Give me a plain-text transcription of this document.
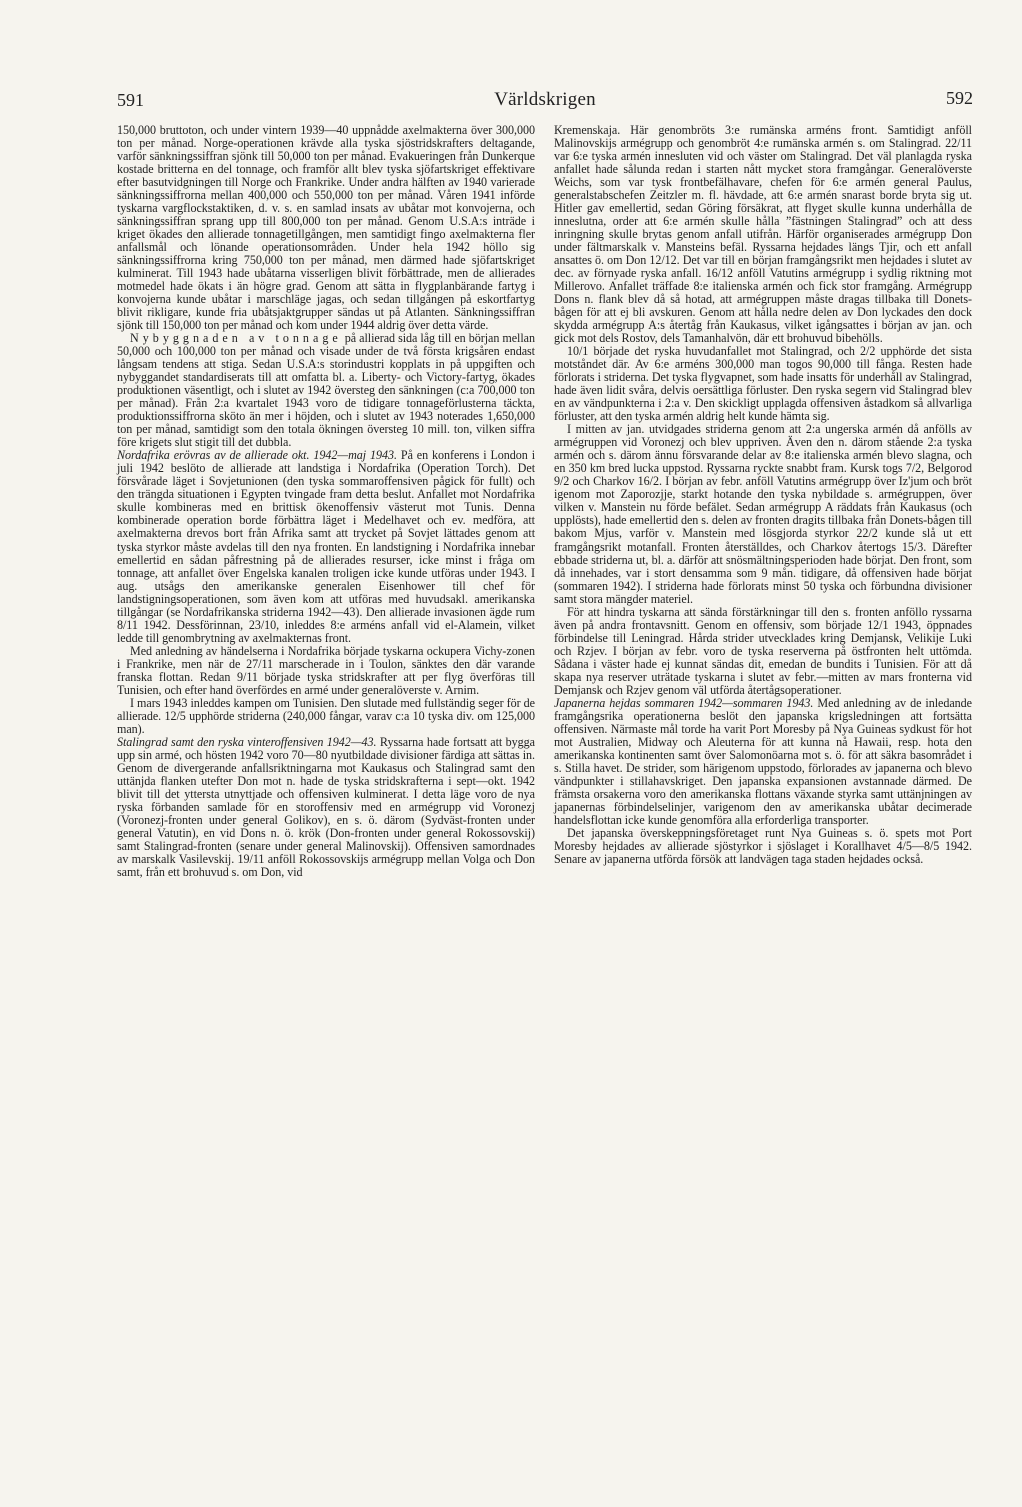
591	Världskrigen	592

150,000 bruttoton, och under vintern 1939—40 uppnådde axelmakterna över 300,000 ton per månad. Norge-operationen krävde alla tyska sjöstridskrafters deltagande, varför sänkningssiffran sjönk till 50,000 ton per månad. Evakueringen från Dunkerque kostade britterna en del tonnage, och framför allt blev tyska sjöfartskriget effektivare efter basutvidgningen till Norge och Frankrike. Under andra hälften av 1940 varierade sänkningssiffrorna mellan 400,000 och 550,000 ton per månad. Våren 1941 införde tyskarna vargflockstaktiken, d. v. s. en samlad insats av ubåtar mot konvojerna, och sänkningssiffran sprang upp till 800,000 ton per månad. Genom U.S.A:s inträde i kriget ökades den allierade tonnagetillgången, men samtidigt fingo axelmakterna fler anfallsmål och lönande operationsområden. Under hela 1942 höllo sig sänkningssiffrorna kring 750,000 ton per månad, men därmed hade sjöfartskriget kulminerat. Till 1943 hade ubåtarna visserligen blivit förbättrade, men de allierades motmedel hade ökats i än högre grad. Genom att sätta in flygplanbärande fartyg i konvojerna kunde ubåtar i marschläge jagas, och sedan tillgången på eskortfartyg blivit rikligare, kunde fria ubåtsjaktgrupper sändas ut på Atlanten. Sänkningssiffran sjönk till 150,000 ton per månad och kom under 1944 aldrig över detta värde.

Nybyggnaden av tonnage på allierad sida låg till en början mellan 50,000 och 100,000 ton per månad och visade under de två första krigsåren endast långsam tendens att stiga. Sedan U.S.A:s storindustri kopplats in på uppgiften och nybyggandet standardiserats till att omfatta bl. a. Liberty- och Victory-fartyg, ökades produktionen väsentligt, och i slutet av 1942 översteg den sänkningen (c:a 700,000 ton per månad). Från 2:a kvartalet 1943 voro de tidigare tonnageförlusterna täckta, produktionssiffrorna sköto än mer i höjden, och i slutet av 1943 noterades 1,650,000 ton per månad, samtidigt som den totala ökningen översteg 10 mill. ton, vilken siffra före krigets slut stigit till det dubbla.

Nordafrika erövras av de allierade okt. 1942—maj 1943. På en konferens i London i juli 1942 beslöto de allierade att landstiga i Nordafrika (Operation Torch). Det försvårade läget i Sovjetunionen (den tyska sommaroffensiven pågick för fullt) och den trängda situationen i Egypten tvingade fram detta beslut. Anfallet mot Nordafrika skulle kombineras med en brittisk ökenoffensiv västerut mot Tunis. Denna kombinerade operation borde förbättra läget i Medelhavet och ev. medföra, att axelmakterna drevos bort från Afrika samt att trycket på Sovjet lättades genom att tyska styrkor måste avdelas till den nya fronten. En landstigning i Nordafrika innebar emellertid en sådan påfrestning på de allierades resurser, icke minst i fråga om tonnage, att anfallet över Engelska kanalen troligen icke kunde utföras under 1943. I aug. utsågs den amerikanske generalen Eisenhower till chef för landstigningsoperationen, som även kom att utföras med huvudsakl. amerikanska tillgångar (se Nordafrikanska striderna 1942—43). Den allierade invasionen ägde rum 8/11 1942. Dessförinnan, 23/10, inleddes 8:e arméns anfall vid el-Alamein, vilket ledde till genombrytning av axelmakternas front.

Med anledning av händelserna i Nordafrika började tyskarna ockupera Vichy-zonen i Frankrike, men när de 27/11 marscherade in i Toulon, sänktes den där varande franska flottan. Redan 9/11 började tyska stridskrafter att per flyg överföras till Tunisien, och efter hand överfördes en armé under generalöverste v. Arnim.

I mars 1943 inleddes kampen om Tunisien. Den slutade med fullständig seger för de allierade. 12/5 upphörde striderna (240,000 fångar, varav c:a 10 tyska div. om 125,000 man).

Stalingrad samt den ryska vinteroffensiven 1942—43. Ryssarna hade fortsatt att bygga upp sin armé, och hösten 1942 voro 70—80 nyutbildade divisioner färdiga att sättas in. Genom de divergerande anfallsriktningarna mot Kaukasus och Stalingrad samt den uttänjda flanken utefter Don mot n. hade de tyska stridskrafterna i sept—okt. 1942 blivit till det yttersta utnyttjade och offensiven kulminerat. I detta läge voro de nya ryska förbanden samlade för en storoffensiv med en armégrupp vid Voronezj (Voronezj-fronten under general Golikov), en s. ö. därom (Sydväst-fronten under general Vatutin), en vid Dons n. ö. krök (Don-fronten under general Rokossovskij) samt Stalingrad-fronten (senare under general Malinovskij). Offensiven samordnades av marskalk Vasilevskij. 19/11 anföll Rokossovskijs armégrupp mellan Volga och Don samt, från ett brohuvud s. om Don, vid

Kremenskaja. Här genombröts 3:e rumänska arméns front. Samtidigt anföll Malinovskijs armégrupp och genombröt 4:e rumänska armén s. om Stalingrad. 22/11 var 6:e tyska armén innesluten vid och väster om Stalingrad. Det väl planlagda ryska anfallet hade sålunda redan i starten nått mycket stora framgångar. Generalöverste Weichs, som var tysk frontbefälhavare, chefen för 6:e armén general Paulus, generalstabschefen Zeitzler m. fl. hävdade, att 6:e armén snarast borde bryta sig ut. Hitler gav emellertid, sedan Göring försäkrat, att flyget skulle kunna underhålla de inneslutna, order att 6:e armén skulle hålla ”fästningen Stalingrad” och att dess inringning skulle brytas genom anfall utifrån. Härför organiserades armégrupp Don under fältmarskalk v. Mansteins befäl. Ryssarna hejdades längs Tjir, och ett anfall ansattes ö. om Don 12/12. Det var till en början framgångsrikt men hejdades i slutet av dec. av förnyade ryska anfall. 16/12 anföll Vatutins armégrupp i sydlig riktning mot Millerovo. Anfallet träffade 8:e italienska armén och fick stor framgång. Armégrupp Dons n. flank blev då så hotad, att armégruppen måste dragas tillbaka till Donets-bågen för att ej bli avskuren. Genom att hålla nedre delen av Don lyckades den dock skydda armégrupp A:s återtåg från Kaukasus, vilket igångsattes i början av jan. och gick mot dels Rostov, dels Tamanhalvön, där ett brohuvud bibehölls.

10/1 började det ryska huvudanfallet mot Stalingrad, och 2/2 upphörde det sista motståndet där. Av 6:e arméns 300,000 man togos 90,000 till fånga. Resten hade förlorats i striderna. Det tyska flygvapnet, som hade insatts för underhåll av Stalingrad, hade även lidit svåra, delvis oersättliga förluster. Den ryska segern vid Stalingrad blev en av vändpunkterna i 2:a v. Den skickligt upplagda offensiven åstadkom så allvarliga förluster, att den tyska armén aldrig helt kunde hämta sig.

I mitten av jan. utvidgades striderna genom att 2:a ungerska armén då anfölls av armégruppen vid Voronezj och blev uppriven. Även den n. därom stående 2:a tyska armén och s. därom ännu försvarande delar av 8:e italienska armén blevo slagna, och en 350 km bred lucka uppstod. Ryssarna ryckte snabbt fram. Kursk togs 7/2, Belgorod 9/2 och Charkov 16/2. I början av febr. anföll Vatutins armégrupp över Iz'jum och bröt igenom mot Zaporozjje, starkt hotande den tyska nybildade s. armégruppen, över vilken v. Manstein nu förde befälet. Sedan armégrupp A räddats från Kaukasus (och upplösts), hade emellertid den s. delen av fronten dragits tillbaka från Donets-bågen till bakom Mjus, varför v. Manstein med lösgjorda styrkor 22/2 kunde slå ut ett framgångsrikt motanfall. Fronten återställdes, och Charkov återtogs 15/3. Därefter ebbade striderna ut, bl. a. därför att snösmältningsperioden hade börjat. Den front, som då innehades, var i stort densamma som 9 mån. tidigare, då offensiven hade börjat (sommaren 1942). I striderna hade förlorats minst 50 tyska och förbundna divisioner samt stora mängder materiel.

För att hindra tyskarna att sända förstärkningar till den s. fronten anföllo ryssarna även på andra frontavsnitt. Genom en offensiv, som började 12/1 1943, öppnades förbindelse till Leningrad. Hårda strider utvecklades kring Demjansk, Velikije Luki och Rzjev. I början av febr. voro de tyska reserverna på östfronten helt uttömda. Sådana i väster hade ej kunnat sändas dit, emedan de bundits i Tunisien. För att då skapa nya reserver uträtade tyskarna i slutet av febr.—mitten av mars fronterna vid Demjansk och Rzjev genom väl utförda återtågsoperationer.

Japanerna hejdas sommaren 1942—sommaren 1943. Med anledning av de inledande framgångsrika operationerna beslöt den japanska krigsledningen att fortsätta offensiven. Närmaste mål torde ha varit Port Moresby på Nya Guineas sydkust för hot mot Australien, Midway och Aleuterna för att kunna nå Hawaii, resp. hota den amerikanska kontinenten samt över Salomonöarna mot s. ö. för att säkra basområdet i s. Stilla havet. De strider, som härigenom uppstodo, förlorades av japanerna och blevo vändpunkter i stillahavskriget. Den japanska expansionen avstannade därmed. De främsta orsakerna voro den amerikanska flottans växande styrka samt uttänjningen av japanernas förbindelselinjer, varigenom den av amerikanska ubåtar decimerade handelsflottan icke kunde genomföra alla erforderliga transporter.

Det japanska överskeppningsföretaget runt Nya Guineas s. ö. spets mot Port Moresby hejdades av allierade sjöstyrkor i sjöslaget i Korallhavet 4/5—8/5 1942. Senare av japanerna utförda försök att landvägen taga staden hejdades också.
